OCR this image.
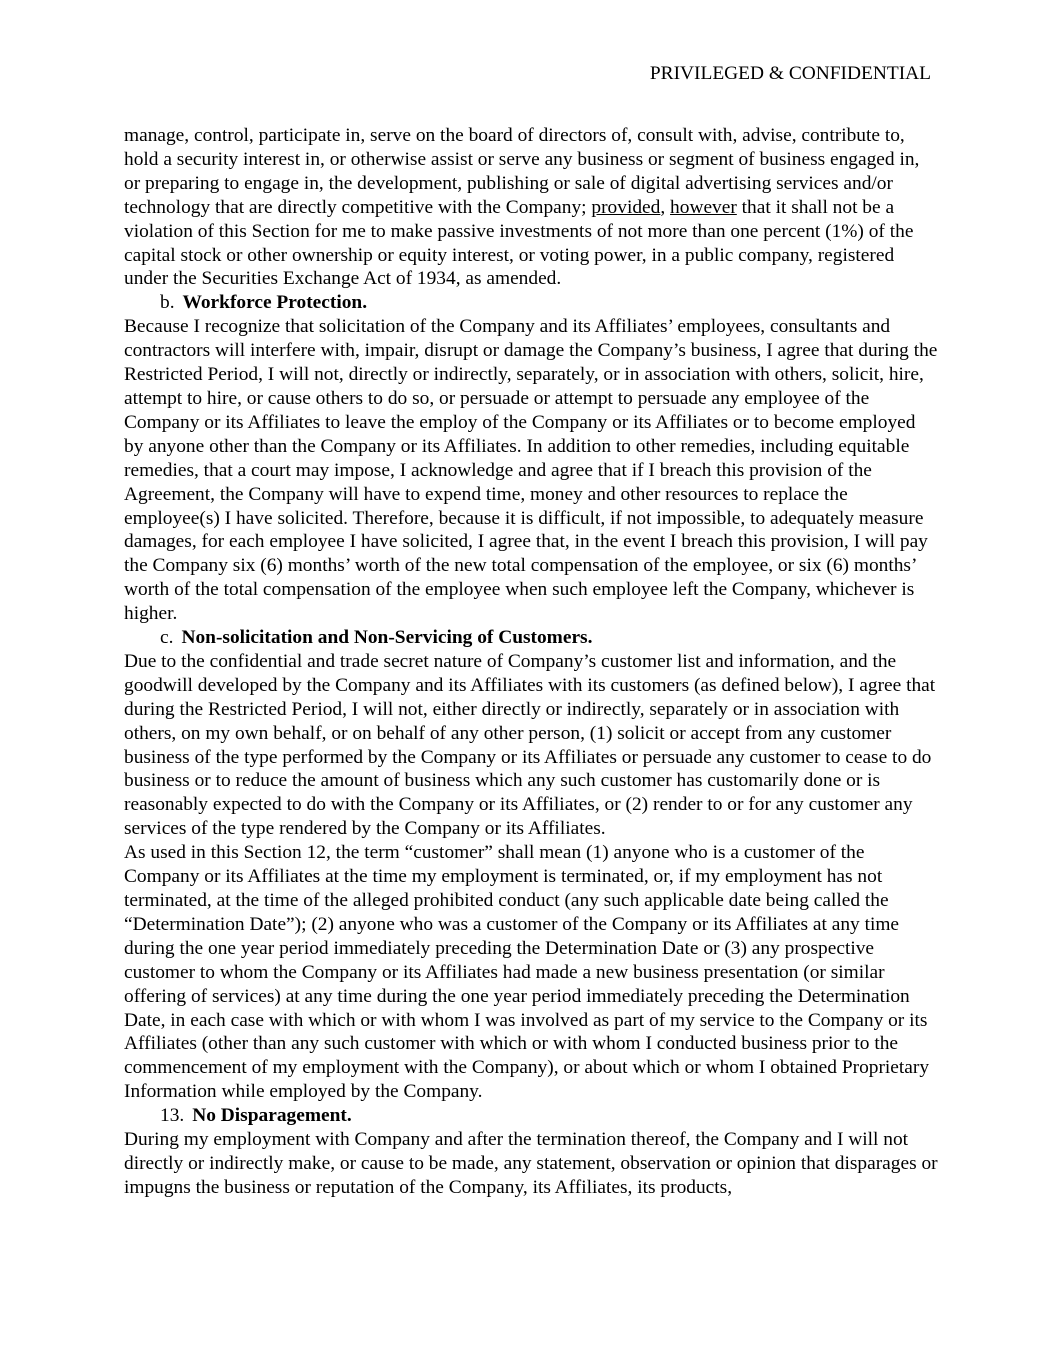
PRIVILEGED & CONFIDENTIAL

manage, control, participate in, serve on the board of directors of, consult with, advise, contribute to, hold a security interest in, or otherwise assist or serve any business or segment of business engaged in, or preparing to engage in, the development, publishing or sale of digital advertising services and/or technology that are directly competitive with the Company; provided, however that it shall not be a violation of this Section for me to make passive investments of not more than one percent (1%) of the capital stock or other ownership or equity interest, or voting power, in a public company, registered under the Securities Exchange Act of 1934, as amended.

b. Workforce Protection.

Because I recognize that solicitation of the Company and its Affiliates’ employees, consultants and contractors will interfere with, impair, disrupt or damage the Company’s business, I agree that during the Restricted Period, I will not, directly or indirectly, separately, or in association with others, solicit, hire, attempt to hire, or cause others to do so, or persuade or attempt to persuade any employee of the Company or its Affiliates to leave the employ of the Company or its Affiliates or to become employed by anyone other than the Company or its Affiliates. In addition to other remedies, including equitable remedies, that a court may impose, I acknowledge and agree that if I breach this provision of the Agreement, the Company will have to expend time, money and other resources to replace the employee(s) I have solicited. Therefore, because it is difficult, if not impossible, to adequately measure damages, for each employee I have solicited, I agree that, in the event I breach this provision, I will pay the Company six (6) months’ worth of the new total compensation of the employee, or six (6) months’ worth of the total compensation of the employee when such employee left the Company, whichever is higher.

c. Non-solicitation and Non-Servicing of Customers.

Due to the confidential and trade secret nature of Company’s customer list and information, and the goodwill developed by the Company and its Affiliates with its customers (as defined below), I agree that during the Restricted Period, I will not, either directly or indirectly, separately or in association with others, on my own behalf, or on behalf of any other person, (1) solicit or accept from any customer business of the type performed by the Company or its Affiliates or persuade any customer to cease to do business or to reduce the amount of business which any such customer has customarily done or is reasonably expected to do with the Company or its Affiliates, or (2) render to or for any customer any services of the type rendered by the Company or its Affiliates.

As used in this Section 12, the term “customer” shall mean (1) anyone who is a customer of the Company or its Affiliates at the time my employment is terminated, or, if my employment has not terminated, at the time of the alleged prohibited conduct (any such applicable date being called the “Determination Date”); (2) anyone who was a customer of the Company or its Affiliates at any time during the one year period immediately preceding the Determination Date or (3) any prospective customer to whom the Company or its Affiliates had made a new business presentation (or similar offering of services) at any time during the one year period immediately preceding the Determination Date, in each case with which or with whom I was involved as part of my service to the Company or its Affiliates (other than any such customer with which or with whom I conducted business prior to the commencement of my employment with the Company), or about which or whom I obtained Proprietary Information while employed by the Company.

13. No Disparagement.

During my employment with Company and after the termination thereof, the Company and I will not directly or indirectly make, or cause to be made, any statement, observation or opinion that disparages or impugns the business or reputation of the Company, its Affiliates, its products,
